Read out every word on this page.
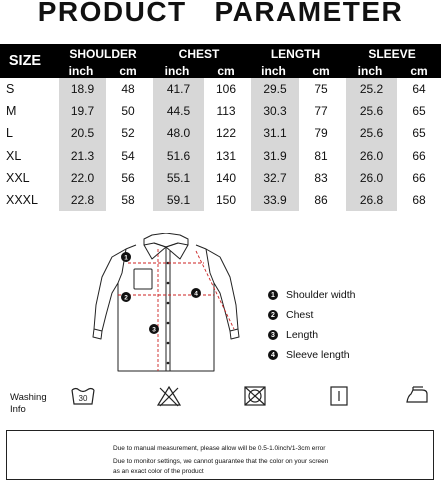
PRODUCT   PARAMETER
SIZE		SHOULDER		CHEST		LENGTH		SLEEVE	
		inch	cm	inch	cm	inch	cm	inch	cm
S		18.9	48	41.7	106	29.5	75	25.2	64
M		19.7	50	44.5	113	30.3	77	25.6	65
L		20.5	52	48.0	122	31.1	79	25.6	65
XL		21.3	54	51.6	131	31.9	81	26.0	66
XXL		22.0	56	55.1	140	32.7	83	26.0	66
XXXL		22.8	58	59.1	150	33.9	86	26.8	68
1
2
3
4	1 Shoulder width
2 Chest
3 Length
4 Sleeve length
Washing
Info
30
Due to manual measurement, please allow will be 0.5-1.0inch/1-3cm error
Due to monitor settings, we cannot guarantee that the color on your screen
as an exact color of the product
